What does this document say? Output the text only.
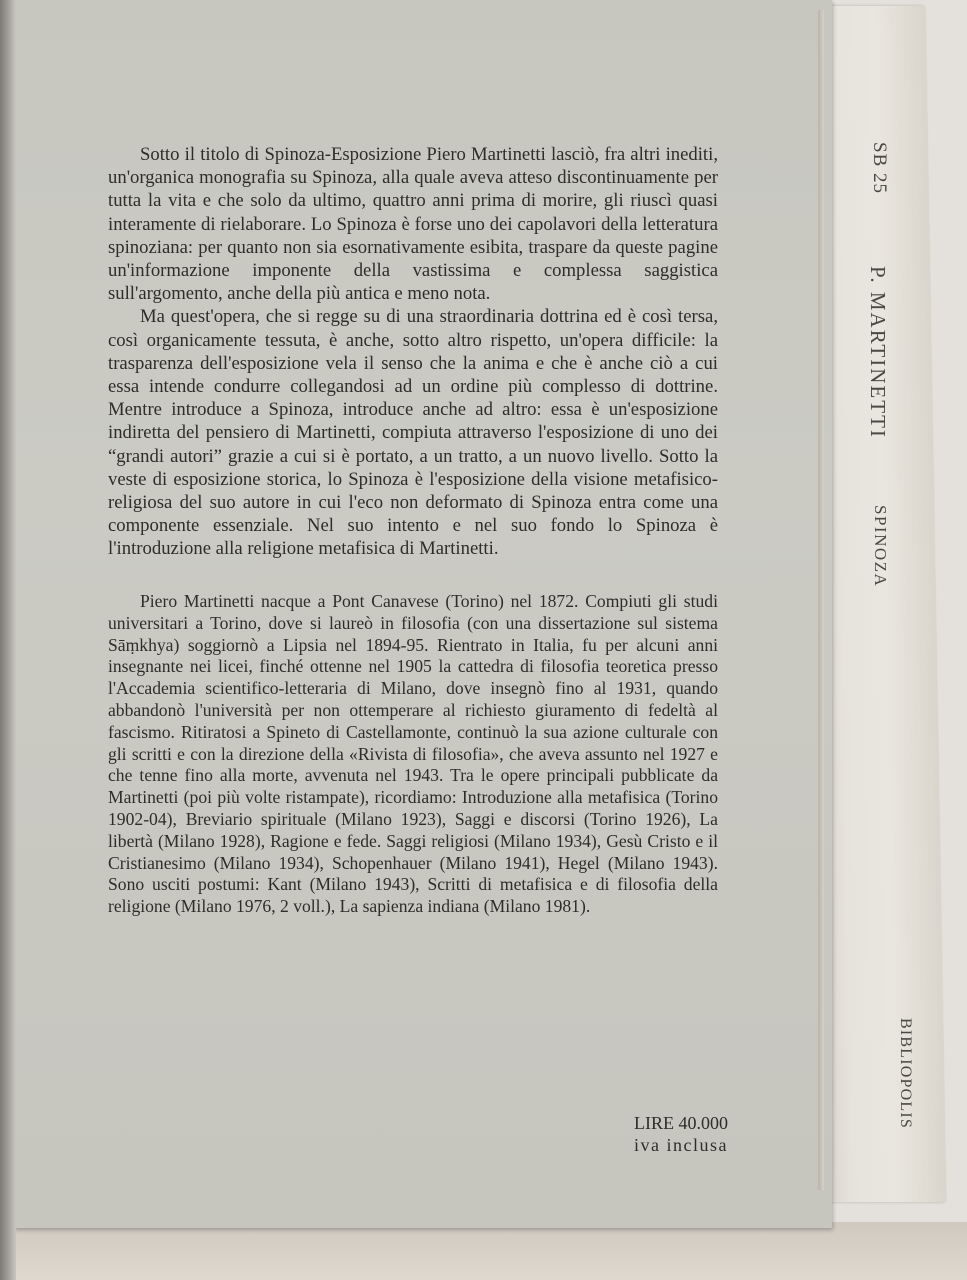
Sotto il titolo di Spinoza-Esposizione Piero Martinetti lasciò, fra altri inediti, un'organica monografia su Spinoza, alla quale aveva atteso discontinuamente per tutta la vita e che solo da ultimo, quattro anni prima di morire, gli riuscì quasi interamente di rielaborare. Lo Spinoza è forse uno dei capolavori della letteratura spinoziana: per quanto non sia esornativamente esibita, traspare da queste pagine un'informazione imponente della vastissima e complessa saggistica sull'argomento, anche della più antica e meno nota.

Ma quest'opera, che si regge su di una straordinaria dottrina ed è così tersa, così organicamente tessuta, è anche, sotto altro rispetto, un'opera difficile: la trasparenza dell'esposizione vela il senso che la anima e che è anche ciò a cui essa intende condurre collegandosi ad un ordine più complesso di dottrine. Mentre introduce a Spinoza, introduce anche ad altro: essa è un'esposizione indiretta del pensiero di Martinetti, compiuta attraverso l'esposizione di uno dei “grandi autori” grazie a cui si è portato, a un tratto, a un nuovo livello. Sotto la veste di esposizione storica, lo Spinoza è l'esposizione della visione metafisico-religiosa del suo autore in cui l'eco non deformato di Spinoza entra come una componente essenziale. Nel suo intento e nel suo fondo lo Spinoza è l'introduzione alla religione metafisica di Martinetti.

Piero Martinetti nacque a Pont Canavese (Torino) nel 1872. Compiuti gli studi universitari a Torino, dove si laureò in filosofia (con una dissertazione sul sistema Sāṃkhya) soggiornò a Lipsia nel 1894-95. Rientrato in Italia, fu per alcuni anni insegnante nei licei, finché ottenne nel 1905 la cattedra di filosofia teoretica presso l'Accademia scientifico-letteraria di Milano, dove insegnò fino al 1931, quando abbandonò l'università per non ottemperare al richiesto giuramento di fedeltà al fascismo. Ritiratosi a Spineto di Castellamonte, continuò la sua azione culturale con gli scritti e con la direzione della «Rivista di filosofia», che aveva assunto nel 1927 e che tenne fino alla morte, avvenuta nel 1943. Tra le opere principali pubblicate da Martinetti (poi più volte ristampate), ricordiamo: Introduzione alla metafisica (Torino 1902-04), Breviario spirituale (Milano 1923), Saggi e discorsi (Torino 1926), La libertà (Milano 1928), Ragione e fede. Saggi religiosi (Milano 1934), Gesù Cristo e il Cristianesimo (Milano 1934), Schopenhauer (Milano 1941), Hegel (Milano 1943). Sono usciti postumi: Kant (Milano 1943), Scritti di metafisica e di filosofia della religione (Milano 1976, 2 voll.), La sapienza indiana (Milano 1981).

LIRE 40.000
iva inclusa
SB 25
P. MARTINETTI
SPINOZA
BIBLIOPOLIS
